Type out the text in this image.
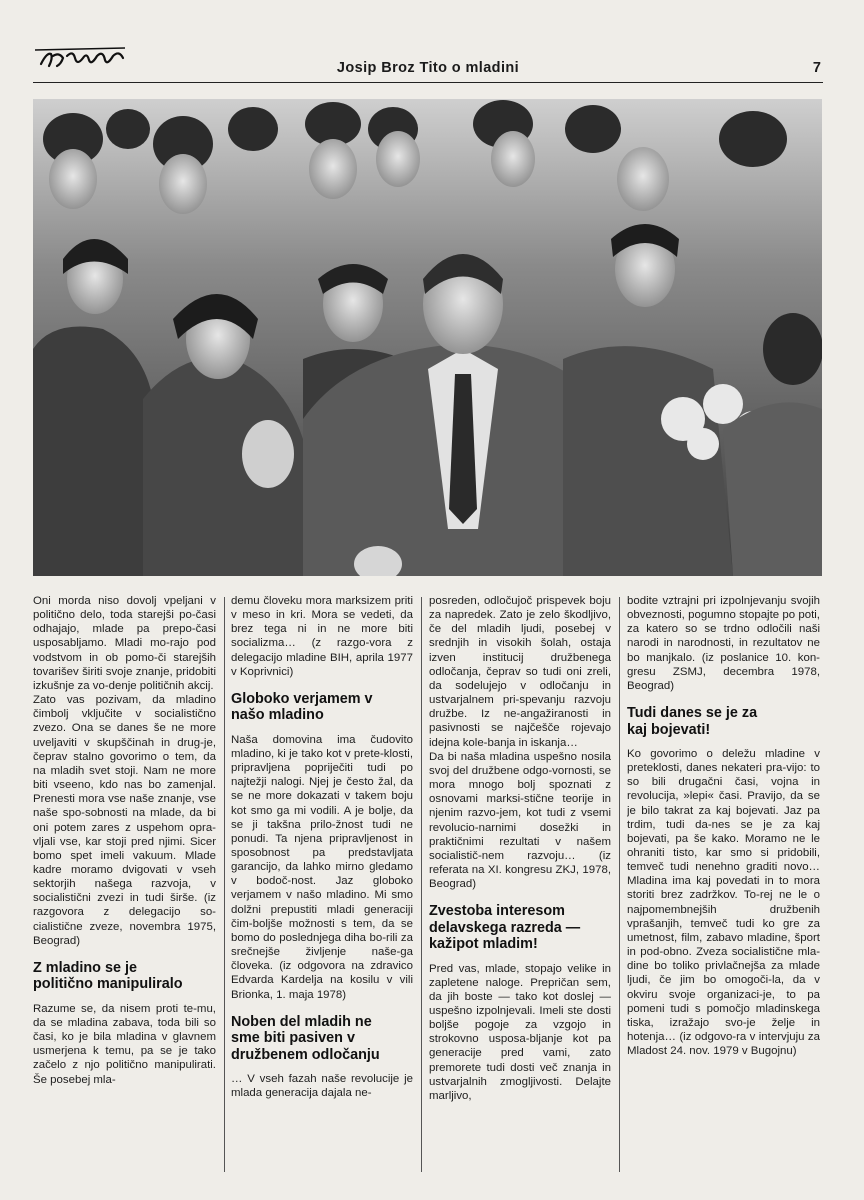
Josip Broz Tito o mladini	7

Oni morda niso dovolj vpeljani v politično delo, toda starejši po-časi odhajajo, mlade pa prepo-časi usposabljamo. Mladi mo-rajo pod vodstvom in ob pomo-či starejših tovarišev širiti svoje znanje, pridobiti izkušnje za vo-denje političnih akcij.

Zato vas pozivam, da mladino čimbolj vključite v socialistično zvezo. Ona se danes še ne more uveljaviti v skupščinah in drug-je, čeprav stalno govorimo o tem, da na mladih svet stoji. Nam ne more biti vseeno, kdo nas bo zamenjal. Prenesti mora vse naše znanje, vse naše spo-sobnosti na mlade, da bi oni potem zares z uspehom opra-vljali vse, kar stoji pred njimi. Sicer bomo spet imeli vakuum. Mlade kadre moramo dvigovati v vseh sektorjih našega razvoja, v socialistični zvezi in tudi širše. (iz razgovora z delegacijo so-cialistične zveze, novembra 1975, Beograd)

Z mladino se je
politično manipuliralo

Razume se, da nisem proti te-mu, da se mladina zabava, toda bili so časi, ko je bila mladina v glavnem usmerjena k temu, pa se je tako začelo z njo politično manipulirati. Še posebej mla-

demu človeku mora marksizem priti v meso in kri. Mora se vedeti, da brez tega ni in ne more biti socializma… (z razgo-vora z delegacijo mladine BIH, aprila 1977 v Koprivnici)

Globoko verjamem v
našo mladino

Naša domovina ima čudovito mladino, ki je tako kot v prete-klosti, pripravljena popriječiti tudi po najtežji nalogi. Njej je često žal, da se ne more dokazati v takem boju kot smo ga mi vodili. A je bolje, da se ji takšna prilo-žnost tudi ne ponudi. Ta njena pripravljenost in sposobnost pa predstavljata garancijo, da lahko mirno gledamo v bodoč-nost. Jaz globoko verjamem v našo mladino. Mi smo dolžni prepustiti mladi generaciji čim-boljše možnosti s tem, da se bomo do poslednjega diha bo-rili za srečnejše življenje naše-ga človeka. (iz odgovora na zdravico Edvarda Kardelja na kosilu v vili Brionka, 1. maja 1978)

Noben del mladih ne
sme biti pasiven v
družbenem odločanju

… V vseh fazah naše revolucije je mlada generacija dajala ne-

posreden, odločujoč prispevek boju za napredek. Zato je zelo škodljivo, če del mladih ljudi, posebej v srednjih in visokih šolah, ostaja izven institucij družbenega odločanja, čeprav so tudi oni zreli, da sodelujejo v odločanju in ustvarjalnem pri-spevanju razvoju družbe. Iz ne-angažiranosti in pasivnosti se najčešče rojevajo idejna kole-banja in iskanja…

Da bi naša mladina uspešno nosila svoj del družbene odgo-vornosti, se mora mnogo bolj spoznati z osnovami marksi-stične teorije in njenim razvo-jem, kot tudi z vsemi revolucio-narnimi dosežki in praktičnimi rezultati v našem socialistič-nem razvoju… (iz referata na XI. kongresu ZKJ, 1978, Beograd)

Zvestoba interesom
delavskega razreda —
kažipot mladim!

Pred vas, mlade, stopajo velike in zapletene naloge. Prepričan sem, da jih boste — tako kot doslej — uspešno izpolnjevali. Imeli ste dosti boljše pogoje za vzgojo in strokovno usposa-bljanje kot pa generacije pred vami, zato premorete tudi dosti več znanja in ustvarjalnih zmogljivosti. Delajte marljivo,

bodite vztrajni pri izpolnjevanju svojih obveznosti, pogumno stopajte po poti, za katero so se trdno odločili naši narodi in narodnosti, in rezultatov ne bo manjkalo. (iz poslanice 10. kon-gresu ZSMJ, decembra 1978, Beograd)

Tudi danes se je za
kaj bojevati!

Ko govorimo o deležu mladine v preteklosti, danes nekateri pra-vijo: to so bili drugačni časi, vojna in revolucija, »lepi« časi. Pravijo, da se je bilo takrat za kaj bojevati. Jaz pa trdim, tudi da-nes se je za kaj bojevati, pa še kako. Moramo ne le ohraniti tisto, kar smo si pridobili, temveč tudi nenehno graditi novo… Mladina ima kaj povedati in to mora storiti brez zadržkov. To-rej ne le o najpomembnejših družbenih vprašanjih, temveč tudi ko gre za umetnost, film, zabavo mladine, šport in pod-obno. Zveza socialistične mla-dine bo toliko privlačnejša za mlade ljudi, če jim bo omogoči-la, da v okviru svoje organizaci-je, to pa pomeni tudi s pomočjo mladinskega tiska, izražajo svo-je želje in hotenja… (iz odgovo-ra v intervjuju za Mladost 24. nov. 1979 v Bugojnu)
